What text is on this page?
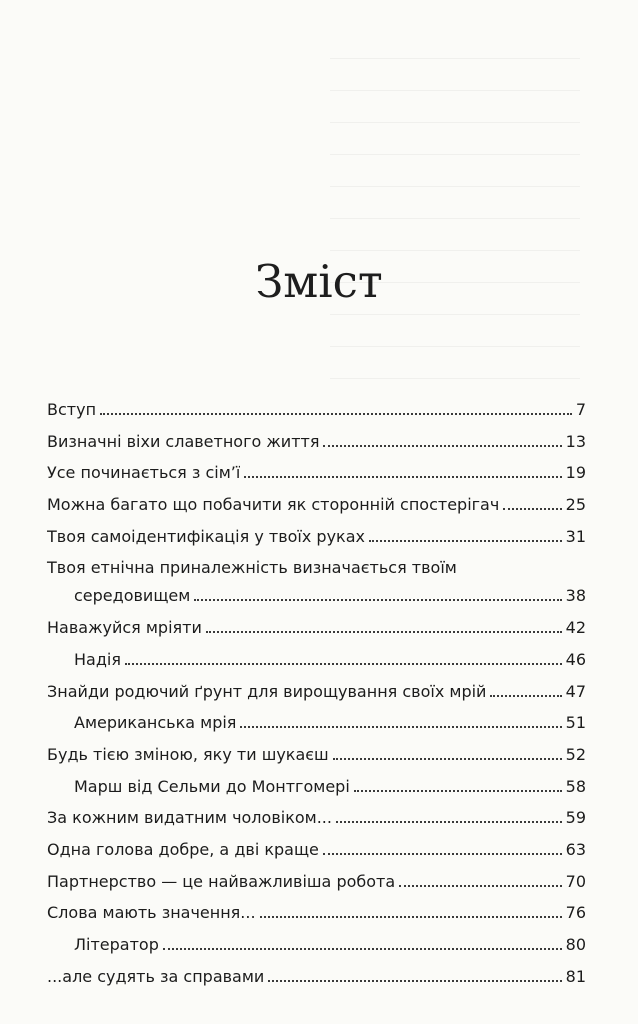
Зміст
Вступ	7
Визначні віхи славетного життя	13
Усе починається з сім’ї	19
Можна багато що побачити як сторонній спостерігач	25
Твоя самоідентифікація у твоїх руках	31
Твоя етнічна приналежність визначається твоїм
середовищем	38
Наважуйся мріяти	42
Надія	46
Знайди родючий ґрунт для вирощування своїх мрій	47
Американська мрія	51
Будь тією зміною, яку ти шукаєш	52
Марш від Сельми до Монтгомері	58
За кожним видатним чоловіком...	59
Одна голова добре, а дві краще	63
Партнерство — це найважливіша робота	70
Слова мають значення...	76
Літератор	80
...але судять за справами	81
